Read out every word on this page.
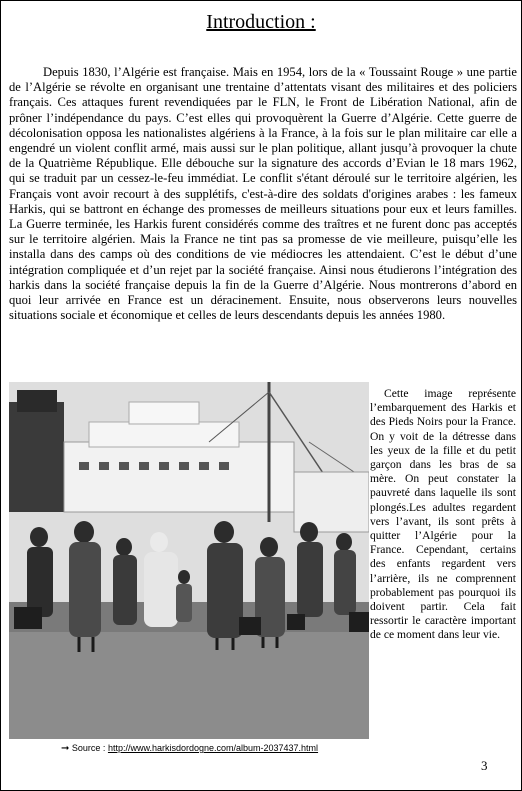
Introduction :

Depuis 1830, l’Algérie est française. Mais en 1954, lors de la « Toussaint Rouge » une partie de l’Algérie se révolte en organisant une trentaine d’attentats visant des militaires et des policiers français. Ces attaques furent revendiquées par le FLN, le Front de Libération National, afin de prôner l’indépendance du pays. C’est elles qui provoquèrent la Guerre d’Algérie. Cette guerre de décolonisation opposa les nationalistes algériens à la France, à la fois sur le plan militaire car elle a engendré un violent conflit armé, mais aussi sur le plan politique, allant jusqu’à provoquer la chute de la Quatrième République. Elle débouche sur la signature des accords d’Evian le 18 mars 1962, qui se traduit par un cessez-le-feu immédiat. Le conflit s'étant déroulé sur le territoire algérien, les Français vont avoir recourt à des supplétifs, c'est-à-dire des soldats d'origines arabes : les fameux Harkis, qui se battront en échange des promesses de meilleurs situations pour eux et leurs familles. La Guerre terminée, les Harkis furent considérés comme des traîtres et ne furent donc pas acceptés sur le territoire algérien. Mais la France ne tint pas sa promesse de vie meilleure, puisqu’elle les installa dans des camps où des conditions de vie médiocres les attendaient. C’est le début d’une intégration compliquée et d’un rejet par la société française. Ainsi nous étudierons l’intégration des harkis dans la société française depuis la fin de la Guerre d’Algérie. Nous montrerons d’abord en quoi leur arrivée en France est un déracinement. Ensuite, nous observerons leurs nouvelles situations sociale et économique et celles de leurs descendants depuis les années 1980.

Cette image représente l’embarquement des Harkis et des Pieds Noirs pour la France. On y voit de la détresse dans les yeux de la fille et du petit garçon dans les bras de sa mère. On peut constater la pauvreté dans laquelle ils sont plongés.Les adultes regardent vers l’avant, ils sont prêts à quitter l’Algérie pour la France. Cependant, certains des enfants regardent vers l’arrière, ils ne comprennent probablement pas pourquoi ils doivent partir. Cela fait ressortir le caractère important de ce moment dans leur vie.

➞ Source : http://www.harkisdordogne.com/album-2037437.html
3
